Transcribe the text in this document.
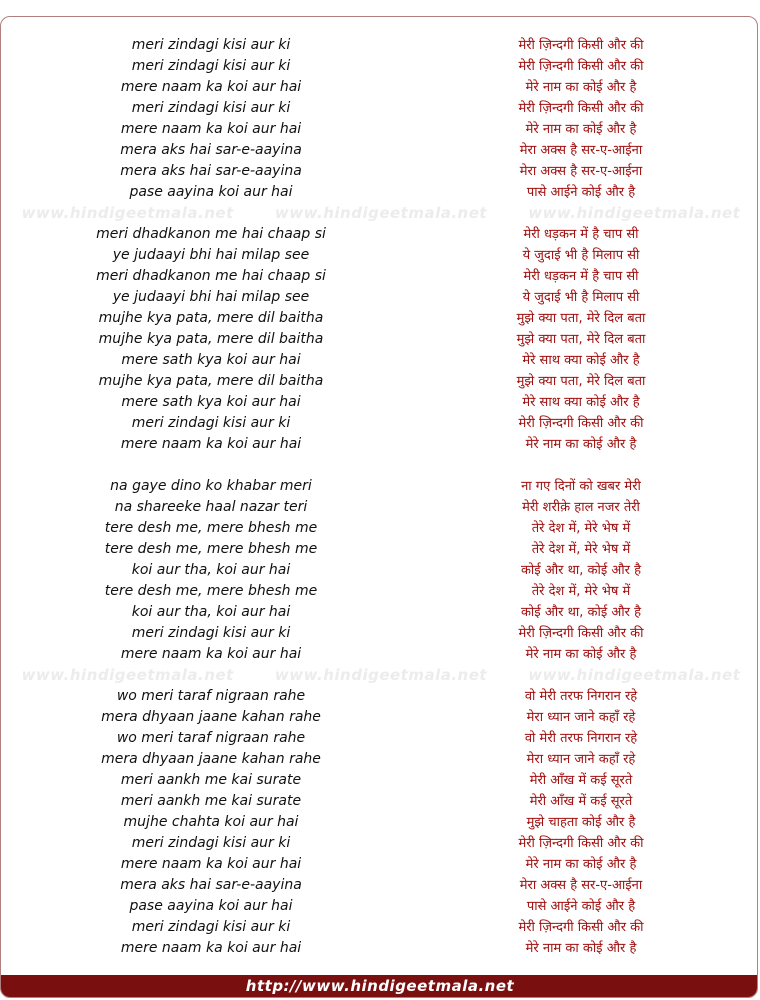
meri zindagi kisi aur ki	मेरी ज़िन्दगी किसी और की
meri zindagi kisi aur ki	मेरी ज़िन्दगी किसी और की
mere naam ka koi aur hai	मेरे नाम का कोई और है
meri zindagi kisi aur ki	मेरी ज़िन्दगी किसी और की
mere naam ka koi aur hai	मेरे नाम का कोई और है
mera aks hai sar-e-aayina	मेरा अक्स है सर-ए-आईना
mera aks hai sar-e-aayina	मेरा अक्स है सर-ए-आईना
pase aayina koi aur hai	पासे आईने कोई और है
www.hindigeetmala.net	www.hindigeetmala.net	www.hindigeetmala.net
meri dhadkanon me hai chaap si	मेरी धड़कन में है चाप सी
ye judaayi bhi hai milap see	ये जुदाई भी है मिलाप सी
meri dhadkanon me hai chaap si	मेरी धड़कन में है चाप सी
ye judaayi bhi hai milap see	ये जुदाई भी है मिलाप सी
mujhe kya pata, mere dil baitha	मुझे क्या पता, मेरे दिल बता
mujhe kya pata, mere dil baitha	मुझे क्या पता, मेरे दिल बता
mere sath kya koi aur hai	मेरे साथ क्या कोई और है
mujhe kya pata, mere dil baitha	मुझे क्या पता, मेरे दिल बता
mere sath kya koi aur hai	मेरे साथ क्या कोई और है
meri zindagi kisi aur ki	मेरी ज़िन्दगी किसी और की
mere naam ka koi aur hai	मेरे नाम का कोई और है
na gaye dino ko khabar meri	ना गए दिनों को खबर मेरी
na shareeke haal nazar teri	मेरी शरीक़े हाल नजर तेरी
tere desh me, mere bhesh me	तेरे देश में, मेरे भेष में
tere desh me, mere bhesh me	तेरे देश में, मेरे भेष में
koi aur tha, koi aur hai	कोई और था, कोई और है
tere desh me, mere bhesh me	तेरे देश में, मेरे भेष में
koi aur tha, koi aur hai	कोई और था, कोई और है
meri zindagi kisi aur ki	मेरी ज़िन्दगी किसी और की
mere naam ka koi aur hai	मेरे नाम का कोई और है
www.hindigeetmala.net	www.hindigeetmala.net	www.hindigeetmala.net
wo meri taraf nigraan rahe	वो मेरी तरफ निगरान रहे
mera dhyaan jaane kahan rahe	मेरा ध्यान जाने कहाँ रहे
wo meri taraf nigraan rahe	वो मेरी तरफ निगरान रहे
mera dhyaan jaane kahan rahe	मेरा ध्यान जाने कहाँ रहे
meri aankh me kai surate	मेरी आँख में कई सूरते
meri aankh me kai surate	मेरी आँख में कई सूरते
mujhe chahta koi aur hai	मुझे चाहता कोई और है
meri zindagi kisi aur ki	मेरी ज़िन्दगी किसी और की
mere naam ka koi aur hai	मेरे नाम का कोई और है
mera aks hai sar-e-aayina	मेरा अक्स है सर-ए-आईना
pase aayina koi aur hai	पासे आईने कोई और है
meri zindagi kisi aur ki	मेरी ज़िन्दगी किसी और की
mere naam ka koi aur hai	मेरे नाम का कोई और है
http://www.hindigeetmala.net
